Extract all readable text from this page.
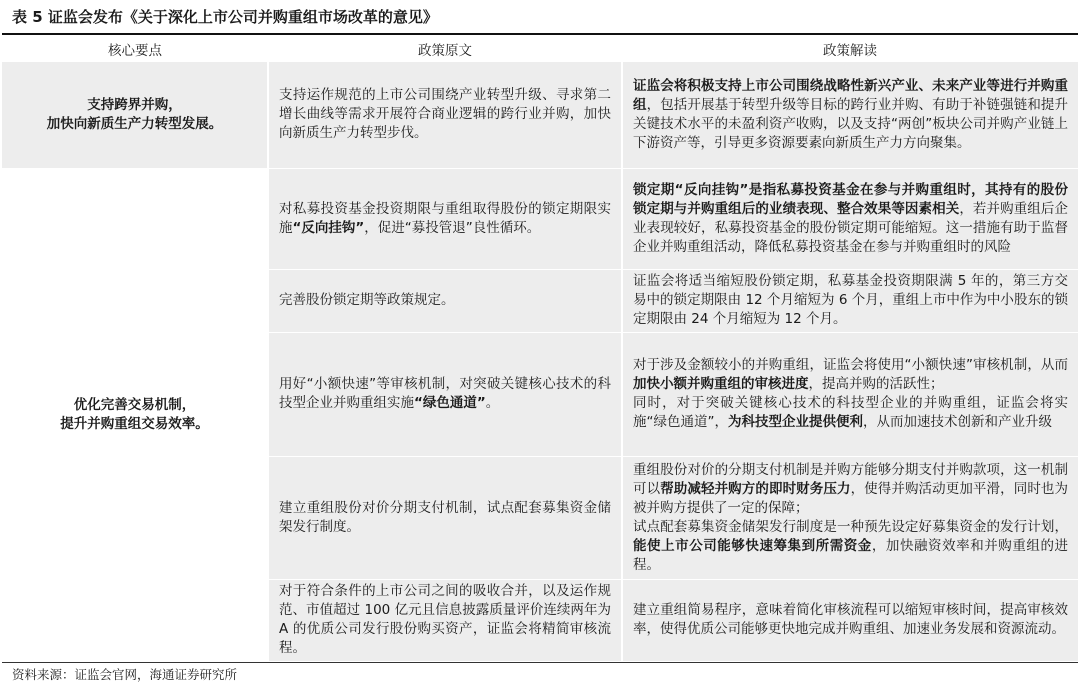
表 5 证监会发布《关于深化上市公司并购重组市场改革的意见》
核心要点	政策原文	政策解读
支持跨界并购，
加快向新质生产力转型发展。	支持运作规范的上市公司围绕产业转型升级、寻求第二增长曲线等需求开展符合商业逻辑的跨行业并购，加快向新质生产力转型步伐。	证监会将积极支持上市公司围绕战略性新兴产业、未来产业等进行并购重组，包括开展基于转型升级等目标的跨行业并购、有助于补链强链和提升关键技术水平的未盈利资产收购，以及支持“两创”板块公司并购产业链上下游资产等，引导更多资源要素向新质生产力方向聚集。
优化完善交易机制，
提升并购重组交易效率。	对私募投资基金投资期限与重组取得股份的锁定期限实施“反向挂钩”，促进“募投管退”良性循环。	锁定期“反向挂钩”是指私募投资基金在参与并购重组时，其持有的股份锁定期与并购重组后的业绩表现、整合效果等因素相关，若并购重组后企业表现较好，私募投资基金的股份锁定期可能缩短。这一措施有助于监督企业并购重组活动，降低私募投资基金在参与并购重组时的风险
	完善股份锁定期等政策规定。	证监会将适当缩短股份锁定期，私募基金投资期限满 5 年的，第三方交易中的锁定期限由 12 个月缩短为 6 个月，重组上市中作为中小股东的锁定期限由 24 个月缩短为 12 个月。
	用好“小额快速”等审核机制，对突破关键核心技术的科技型企业并购重组实施“绿色通道”。	对于涉及金额较小的并购重组，证监会将使用“小额快速”审核机制，从而加快小额并购重组的审核进度，提高并购的活跃性；
同时，对于突破关键核心技术的科技型企业的并购重组，证监会将实施“绿色通道”，为科技型企业提供便利，从而加速技术创新和产业升级
	建立重组股份对价分期支付机制，试点配套募集资金储架发行制度。	重组股份对价的分期支付机制是并购方能够分期支付并购款项，这一机制可以帮助减轻并购方的即时财务压力，使得并购活动更加平滑，同时也为被并购方提供了一定的保障；
试点配套募集资金储架发行制度是一种预先设定好募集资金的发行计划，能使上市公司能够快速筹集到所需资金，加快融资效率和并购重组的进程。
	对于符合条件的上市公司之间的吸收合并，以及运作规范、市值超过 100 亿元且信息披露质量评价连续两年为 A 的优质公司发行股份购买资产，证监会将精简审核流程。	建立重组简易程序，意味着简化审核流程可以缩短审核时间，提高审核效率，使得优质公司能够更快地完成并购重组、加速业务发展和资源流动。
资料来源：证监会官网，海通证券研究所
